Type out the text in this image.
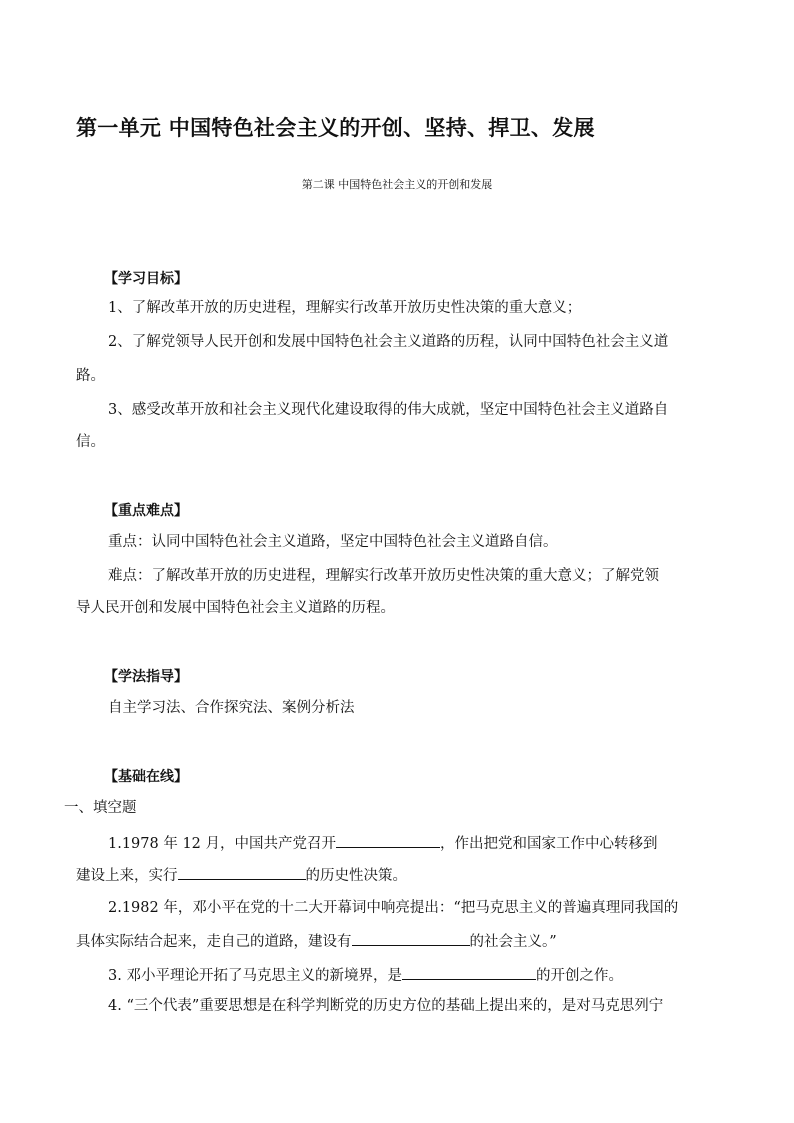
第一单元 中国特色社会主义的开创、坚持、捍卫、发展
第二课 中国特色社会主义的开创和发展
【学习目标】
1、了解改革开放的历史进程，理解实行改革开放历史性决策的重大意义；
2、了解党领导人民开创和发展中国特色社会主义道路的历程，认同中国特色社会主义道
路。
3、感受改革开放和社会主义现代化建设取得的伟大成就，坚定中国特色社会主义道路自
信。
【重点难点】
重点：认同中国特色社会主义道路，坚定中国特色社会主义道路自信。
难点：了解改革开放的历史进程，理解实行改革开放历史性决策的重大意义；了解党领
导人民开创和发展中国特色社会主义道路的历程。
【学法指导】
自主学习法、合作探究法、案例分析法
【基础在线】
一、填空题
1.1978 年 12 月，中国共产党召开	，作出把党和国家工作中心转移到
建设上来，实行	的历史性决策。
2.1982 年，邓小平在党的十二大开幕词中响亮提出：“把马克思主义的普遍真理同我国的
具体实际结合起来，走自己的道路，建设有	的社会主义。”
3. 邓小平理论开拓了马克思主义的新境界，是	的开创之作。
4. “三个代表”重要思想是在科学判断党的历史方位的基础上提出来的，是对马克思列宁
